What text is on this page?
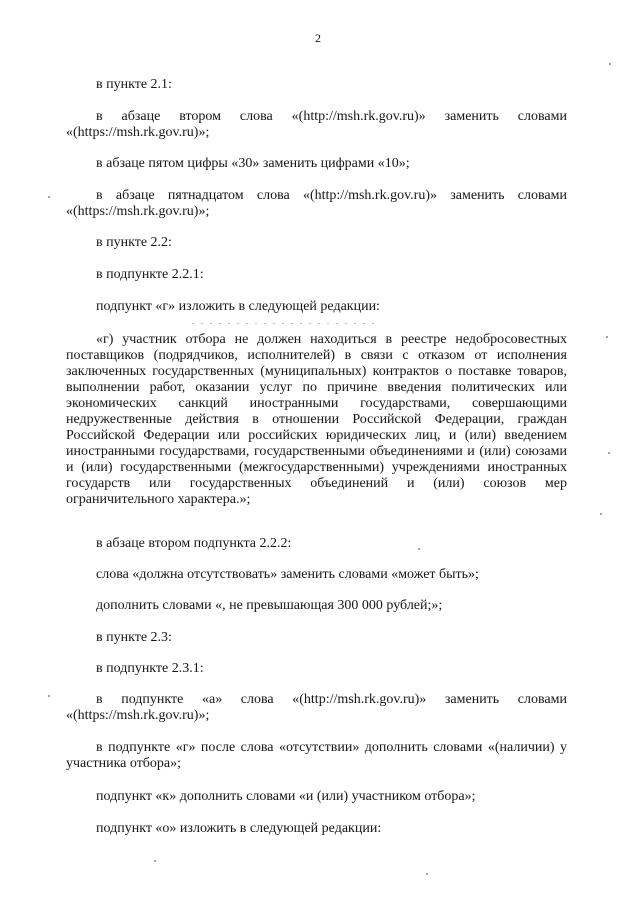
2

в пункте 2.1:

в абзаце втором слова «(http://msh.rk.gov.ru)» заменить словами «(https://msh.rk.gov.ru)»;

в абзаце пятом цифры «30» заменить цифрами «10»;

в абзаце пятнадцатом слова «(http://msh.rk.gov.ru)» заменить словами «(https://msh.rk.gov.ru)»;

в пункте 2.2:

в подпункте 2.2.1:

подпункт «г» изложить в следующей редакции:

«г) участник отбора не должен находиться в реестре недобросовестных поставщиков (подрядчиков, исполнителей) в связи с отказом от исполнения заключенных государственных (муниципальных) контрактов о поставке товаров, выполнении работ, оказании услуг по причине введения политических или экономических санкций иностранными государствами, совершающими недружественные действия в отношении Российской Федерации, граждан Российской Федерации или российских юридических лиц, и (или) введением иностранными государствами, государственными объединениями и (или) союзами и (или) государственными (межгосударственными) учреждениями иностранных государств или государственных объединений и (или) союзов мер ограничительного характера.»;

в абзаце втором подпункта 2.2.2:

слова «должна отсутствовать» заменить словами «может быть»;

дополнить словами «, не превышающая 300 000 рублей;»;

в пункте 2.3:

в подпункте 2.3.1:

в подпункте «а» слова «(http://msh.rk.gov.ru)» заменить словами «(https://msh.rk.gov.ru)»;

в подпункте «г» после слова «отсутствии» дополнить словами «(наличии) у участника отбора»;

подпункт «к» дополнить словами «и (или) участником отбора»;

подпункт «о» изложить в следующей редакции:
